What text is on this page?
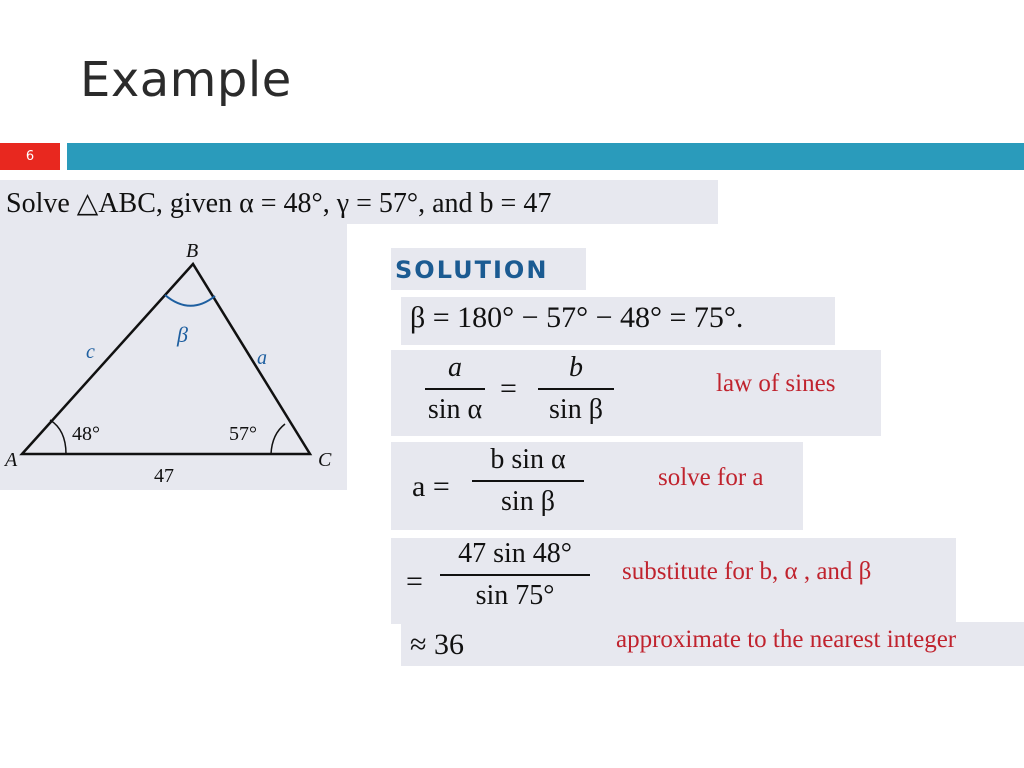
Example
6
Solve △ABC, given α = 48°, γ = 57°, and b = 47
B
A	C
c	a
β
48°	57°
47
SOLUTION
β = 180° − 57° − 48° = 75°.
a
sin α
=
b
sin β
law of sines
a =
b sin α
sin β
solve for a
=
47 sin 48°
sin 75°
substitute for b, α , and β
≈ 36	approximate to the nearest integer
